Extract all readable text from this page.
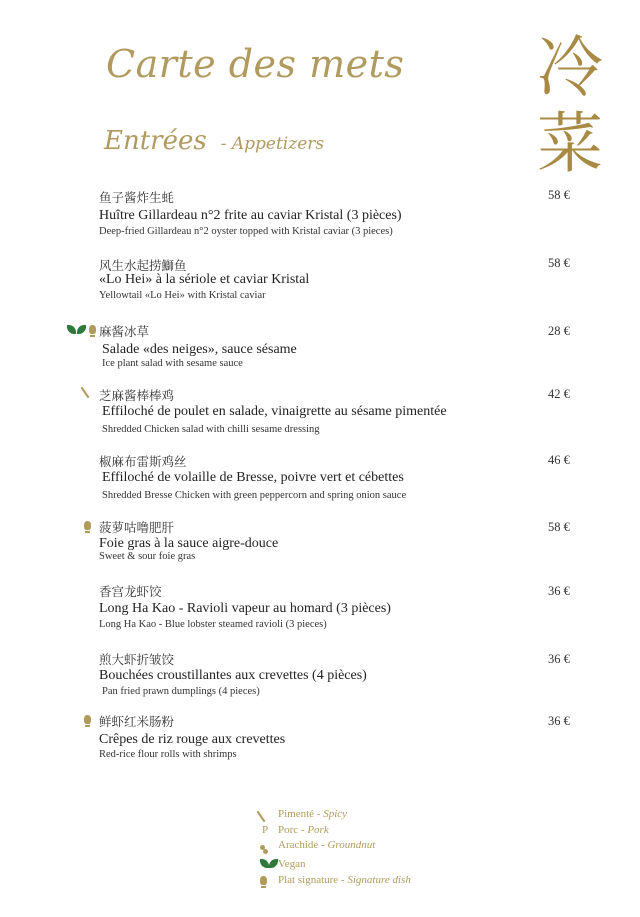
Carte des mets
Entrées - Appetizers
冷
菜
鱼子酱炸生蚝
Huître Gillardeau n°2 frite au caviar Kristal (3 pièces)
Deep-fried Gillardeau n°2 oyster topped with Kristal caviar (3 pieces)
58 €
风生水起捞鰤鱼
«Lo Hei» à la sériole et caviar Kristal
Yellowtail «Lo Hei» with Kristal caviar
58 €
麻酱冰草
Salade «des neiges», sauce sésame
Ice plant salad with sesame sauce
28 €
芝麻酱棒棒鸡
Effiloché de poulet en salade, vinaigrette au sésame pimentée
Shredded Chicken salad with chilli sesame dressing
42 €
椒麻布雷斯鸡丝
Effiloché de volaille de Bresse, poivre vert et cébettes
Shredded Bresse Chicken with green peppercorn and spring onion sauce
46 €
菠萝咕噜肥肝
Foie gras à la sauce aigre-douce
Sweet & sour foie gras
58 €
香宫龙虾饺
Long Ha Kao - Ravioli vapeur au homard (3 pièces)
Long Ha Kao - Blue lobster steamed ravioli (3 pieces)
36 €
煎大虾折皱饺
Bouchées croustillantes aux crevettes (4 pièces)
Pan fried prawn dumplings (4 pieces)
36 €
鲜虾红米肠粉
Crêpes de riz rouge aux crevettes
Red-rice flour rolls with shrimps
36 €
Pimenté - Spicy
P Porc - Pork
Arachide - Groundnut
Vegan
Plat signature - Signature dish
